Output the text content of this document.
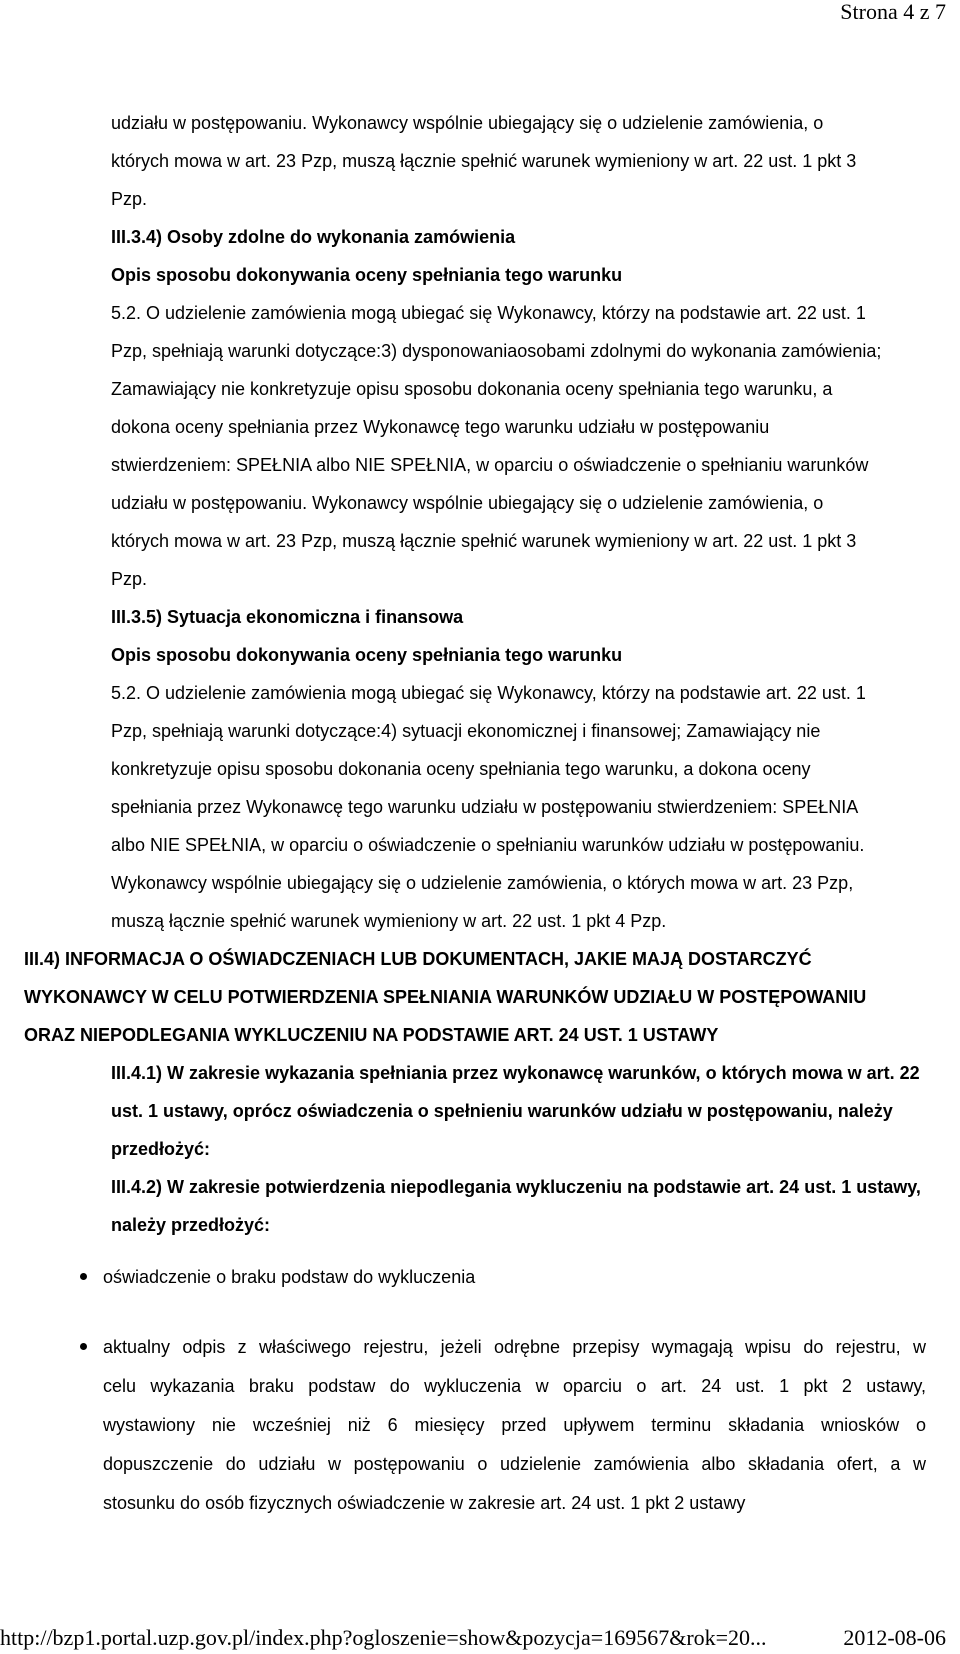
Strona 4 z 7
udziału w postępowaniu. Wykonawcy wspólnie ubiegający się o udzielenie zamówienia, o
których mowa w art. 23 Pzp, muszą łącznie spełnić warunek wymieniony w art. 22 ust. 1 pkt 3
Pzp.
III.3.4) Osoby zdolne do wykonania zamówienia
Opis sposobu dokonywania oceny spełniania tego warunku
5.2. O udzielenie zamówienia mogą ubiegać się Wykonawcy, którzy na podstawie art. 22 ust. 1
Pzp, spełniają warunki dotyczące:3) dysponowaniaosobami zdolnymi do wykonania zamówienia;
Zamawiający nie konkretyzuje opisu sposobu dokonania oceny spełniania tego warunku, a
dokona oceny spełniania przez Wykonawcę tego warunku udziału w postępowaniu
stwierdzeniem: SPEŁNIA albo NIE SPEŁNIA, w oparciu o oświadczenie o spełnianiu warunków
udziału w postępowaniu. Wykonawcy wspólnie ubiegający się o udzielenie zamówienia, o
których mowa w art. 23 Pzp, muszą łącznie spełnić warunek wymieniony w art. 22 ust. 1 pkt 3
Pzp.
III.3.5) Sytuacja ekonomiczna i finansowa
Opis sposobu dokonywania oceny spełniania tego warunku
5.2. O udzielenie zamówienia mogą ubiegać się Wykonawcy, którzy na podstawie art. 22 ust. 1
Pzp, spełniają warunki dotyczące:4) sytuacji ekonomicznej i finansowej; Zamawiający nie
konkretyzuje opisu sposobu dokonania oceny spełniania tego warunku, a dokona oceny
spełniania przez Wykonawcę tego warunku udziału w postępowaniu stwierdzeniem: SPEŁNIA
albo NIE SPEŁNIA, w oparciu o oświadczenie o spełnianiu warunków udziału w postępowaniu.
Wykonawcy wspólnie ubiegający się o udzielenie zamówienia, o których mowa w art. 23 Pzp,
muszą łącznie spełnić warunek wymieniony w art. 22 ust. 1 pkt 4 Pzp.
III.4) INFORMACJA O OŚWIADCZENIACH LUB DOKUMENTACH, JAKIE MAJĄ DOSTARCZYĆ
WYKONAWCY W CELU POTWIERDZENIA SPEŁNIANIA WARUNKÓW UDZIAŁU W POSTĘPOWANIU
ORAZ NIEPODLEGANIA WYKLUCZENIU NA PODSTAWIE ART. 24 UST. 1 USTAWY
III.4.1) W zakresie wykazania spełniania przez wykonawcę warunków, o których mowa w art. 22
ust. 1 ustawy, oprócz oświadczenia o spełnieniu warunków udziału w postępowaniu, należy
przedłożyć:
III.4.2) W zakresie potwierdzenia niepodlegania wykluczeniu na podstawie art. 24 ust. 1 ustawy,
należy przedłożyć:
oświadczenie o braku podstaw do wykluczenia
aktualny odpis z właściwego rejestru, jeżeli odrębne przepisy wymagają wpisu do rejestru, w
celu wykazania braku podstaw do wykluczenia w oparciu o art. 24 ust. 1 pkt 2 ustawy,
wystawiony nie wcześniej niż 6 miesięcy przed upływem terminu składania wniosków o
dopuszczenie do udziału w postępowaniu o udzielenie zamówienia albo składania ofert, a w
stosunku do osób fizycznych oświadczenie w zakresie art. 24 ust. 1 pkt 2 ustawy
http://bzp1.portal.uzp.gov.pl/index.php?ogloszenie=show&pozycja=169567&rok=20...	2012-08-06
